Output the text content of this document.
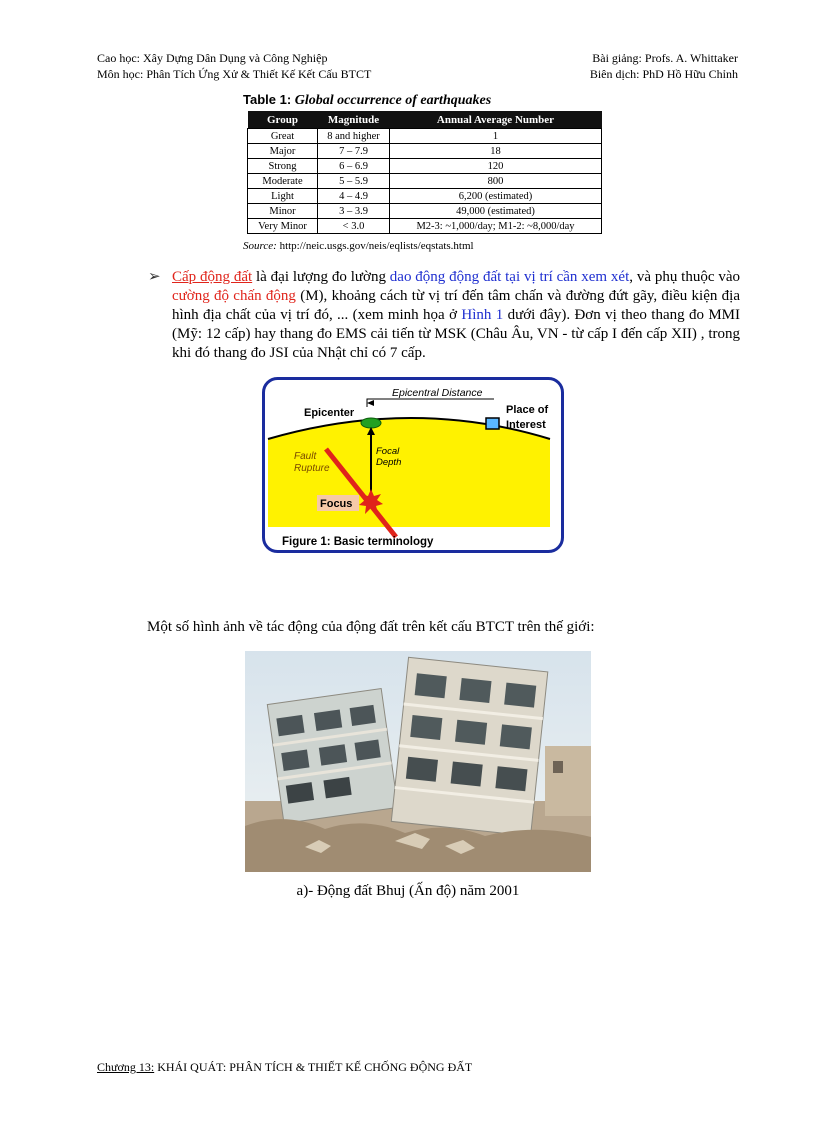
Cao học: Xây Dựng Dân Dụng và Công Nghiệp
Môn học: Phân Tích Ứng Xử & Thiết Kế Kết Cấu BTCT
Bài giảng: Profs. A. Whittaker
Biên dịch: PhD Hồ Hữu Chỉnh
Table 1: Global occurrence of earthquakes
Group	Magnitude	Annual Average Number
Great	8 and higher	1
Major	7 – 7.9	18
Strong	6 – 6.9	120
Moderate	5 – 5.9	800
Light	4 – 4.9	6,200 (estimated)
Minor	3 – 3.9	49,000 (estimated)
Very Minor	< 3.0	M2-3: ~1,000/day; M1-2: ~8,000/day
Source: http://neic.usgs.gov/neis/eqlists/eqstats.html
➢ Cấp động đất là đại lượng đo lường dao động động đất tại vị trí cần xem xét, và phụ thuộc vào cường độ chấn động (M), khoảng cách từ vị trí đến tâm chấn và đường đứt gãy, điều kiện địa hình địa chất của vị trí đó, ... (xem minh họa ở Hình 1 dưới đây). Đơn vị theo thang đo MMI (Mỹ: 12 cấp) hay thang đo EMS cải tiến từ MSK (Châu Âu, VN - từ cấp I đến cấp XII) , trong khi đó thang đo JSI của Nhật chỉ có 7 cấp.
Epicentral Distance
Epicenter	Place of
Interest
Focal
Depth
Fault
Rupture
Focus
Figure 1: Basic terminology
Một số hình ảnh về tác động của động đất trên kết cấu BTCT trên thế giới:
a)- Động đất Bhuj (Ấn độ) năm 2001
Chương 13: KHÁI QUÁT: PHÂN TÍCH & THIẾT KẾ CHỐNG ĐỘNG ĐẤT
